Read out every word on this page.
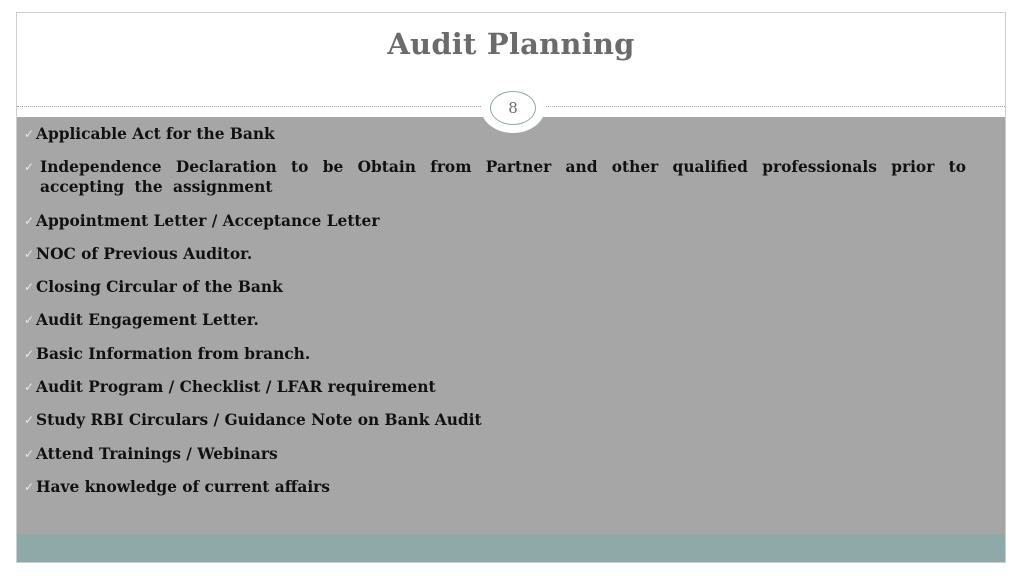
Audit Planning
8
✓ Applicable Act for the Bank
✓ Independence Declaration to be Obtain from Partner and other qualified professionals prior to accepting the assignment
✓ Appointment Letter / Acceptance Letter
✓ NOC of Previous Auditor.
✓ Closing Circular of the Bank
✓ Audit Engagement Letter.
✓ Basic Information from branch.
✓ Audit Program / Checklist / LFAR requirement
✓ Study RBI Circulars / Guidance Note on Bank Audit
✓ Attend Trainings / Webinars
✓ Have knowledge of current affairs
